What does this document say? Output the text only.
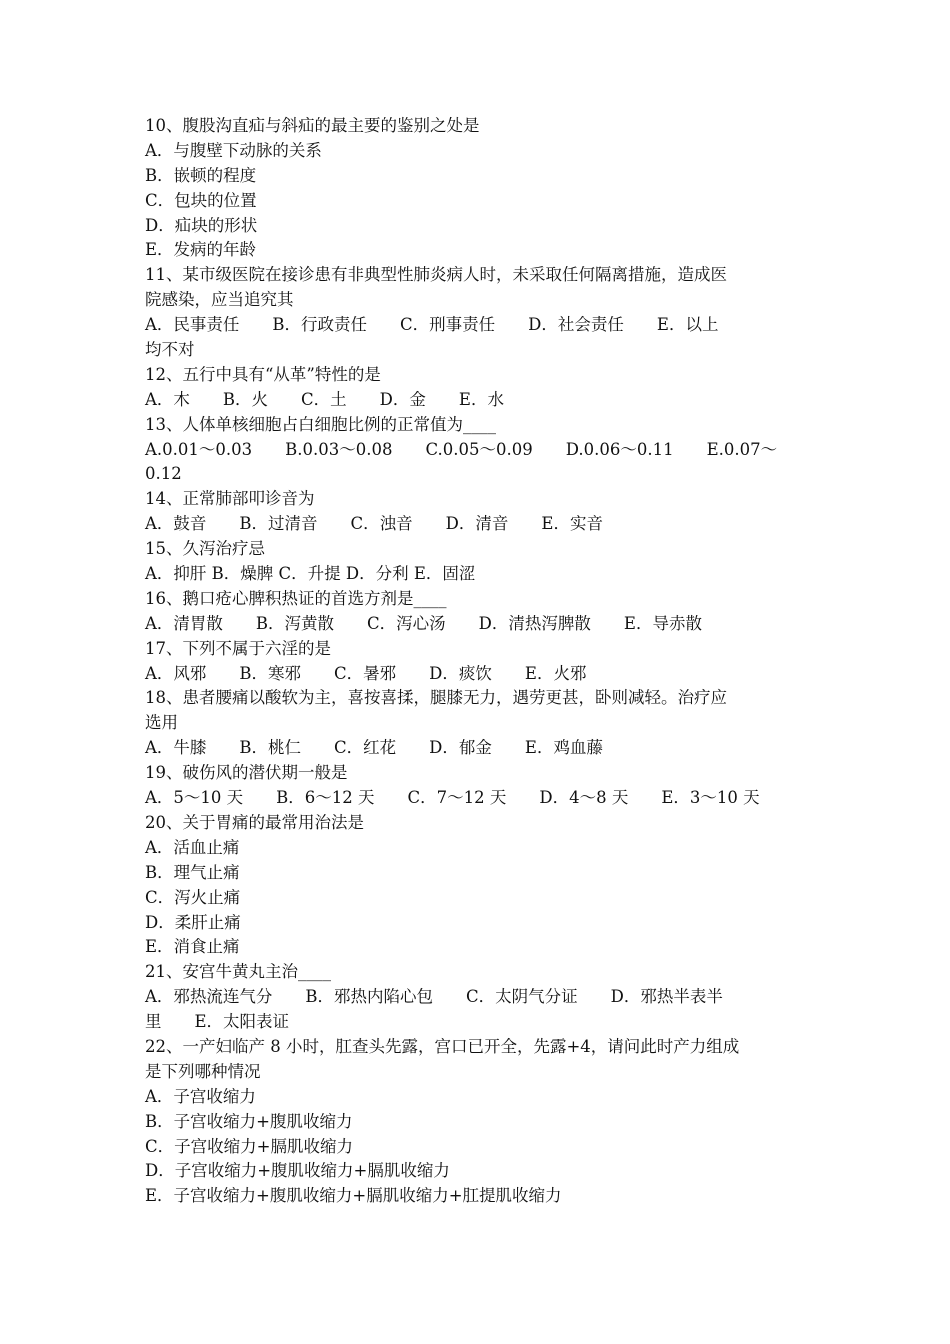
10、腹股沟直疝与斜疝的最主要的鉴别之处是
A．与腹壁下动脉的关系
B．嵌顿的程度
C．包块的位置
D．疝块的形状
E．发病的年龄
11、某市级医院在接诊患有非典型性肺炎病人时，未采取任何隔离措施，造成医
院感染，应当追究其
A．民事责任　　B．行政责任　　C．刑事责任　　D．社会责任　　E．以上
均不对
12、五行中具有“从革”特性的是
A．木　　B．火　　C．土　　D．金　　E．水
13、人体单核细胞占白细胞比例的正常值为____
A.0.01～0.03　　B.0.03～0.08　　C.0.05～0.09　　D.0.06～0.11　　E.0.07～
0.12
14、正常肺部叩诊音为
A．鼓音　　B．过清音　　C．浊音　　D．清音　　E．实音
15、久泻治疗忌
A．抑肝 B．燥脾 C．升提 D．分利 E．固涩
16、鹅口疮心脾积热证的首选方剂是____
A．清胃散　　B．泻黄散　　C．泻心汤　　D．清热泻脾散　　E．导赤散
17、下列不属于六淫的是
A．风邪　　B．寒邪　　C．暑邪　　D．痰饮　　E．火邪
18、患者腰痛以酸软为主，喜按喜揉，腿膝无力，遇劳更甚，卧则减轻。治疗应
选用
A．牛膝　　B．桃仁　　C．红花　　D．郁金　　E．鸡血藤
19、破伤风的潜伏期一般是
A．5～10 天　　B．6～12 天　　C．7～12 天　　D．4～8 天　　E．3～10 天
20、关于胃痛的最常用治法是
A．活血止痛
B．理气止痛
C．泻火止痛
D．柔肝止痛
E．消食止痛
21、安宫牛黄丸主治____
A．邪热流连气分　　B．邪热内陷心包　　C．太阴气分证　　D．邪热半表半
里　　E．太阳表证
22、一产妇临产 8 小时，肛查头先露，宫口已开全，先露+4，请问此时产力组成
是下列哪种情况
A．子宫收缩力
B．子宫收缩力+腹肌收缩力
C．子宫收缩力+膈肌收缩力
D．子宫收缩力+腹肌收缩力+膈肌收缩力
E．子宫收缩力+腹肌收缩力+膈肌收缩力+肛提肌收缩力
